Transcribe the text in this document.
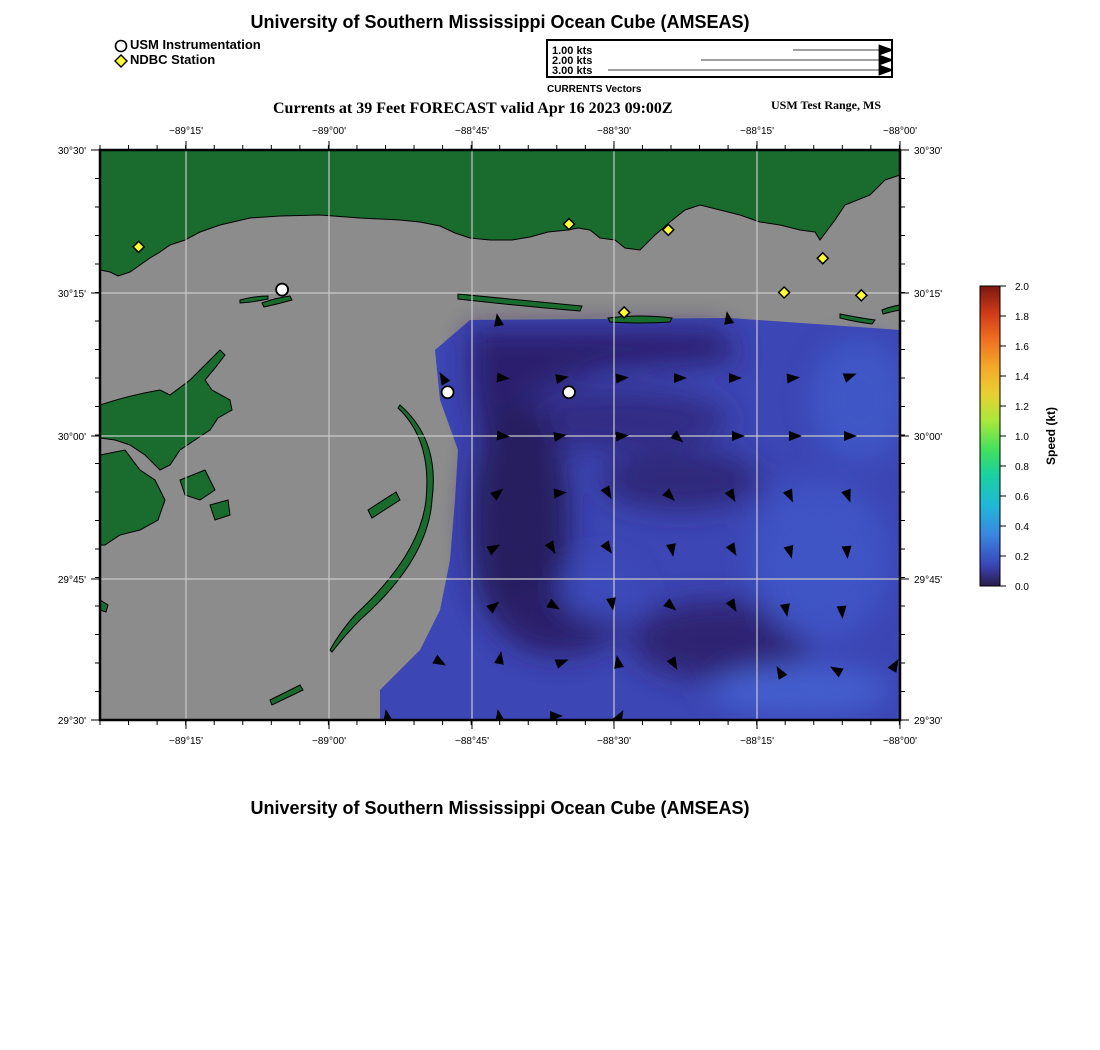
University of Southern Mississippi Ocean Cube (AMSEAS)
USM Instrumentation
NDBC Station
1.00 kts
2.00 kts
3.00 kts
CURRENTS Vectors
Currents at 39 Feet FORECAST valid Apr 16 2023 09:00Z	USM Test Range, MS
−89°15'	−89°00'	−88°45'	−88°30'	−88°15'	−88°00'
−89°15'	−89°00'	−88°45'	−88°30'	−88°15'	−88°00'
30°30'
30°15'
30°00'
29°45'
29°30'
30°30'
30°15'
30°00'
29°45'
29°30'
2.0
1.8
1.6
1.4
1.2
1.0
0.8
0.6
0.4
0.2
0.0
Speed (kt)
University of Southern Mississippi Ocean Cube (AMSEAS)
